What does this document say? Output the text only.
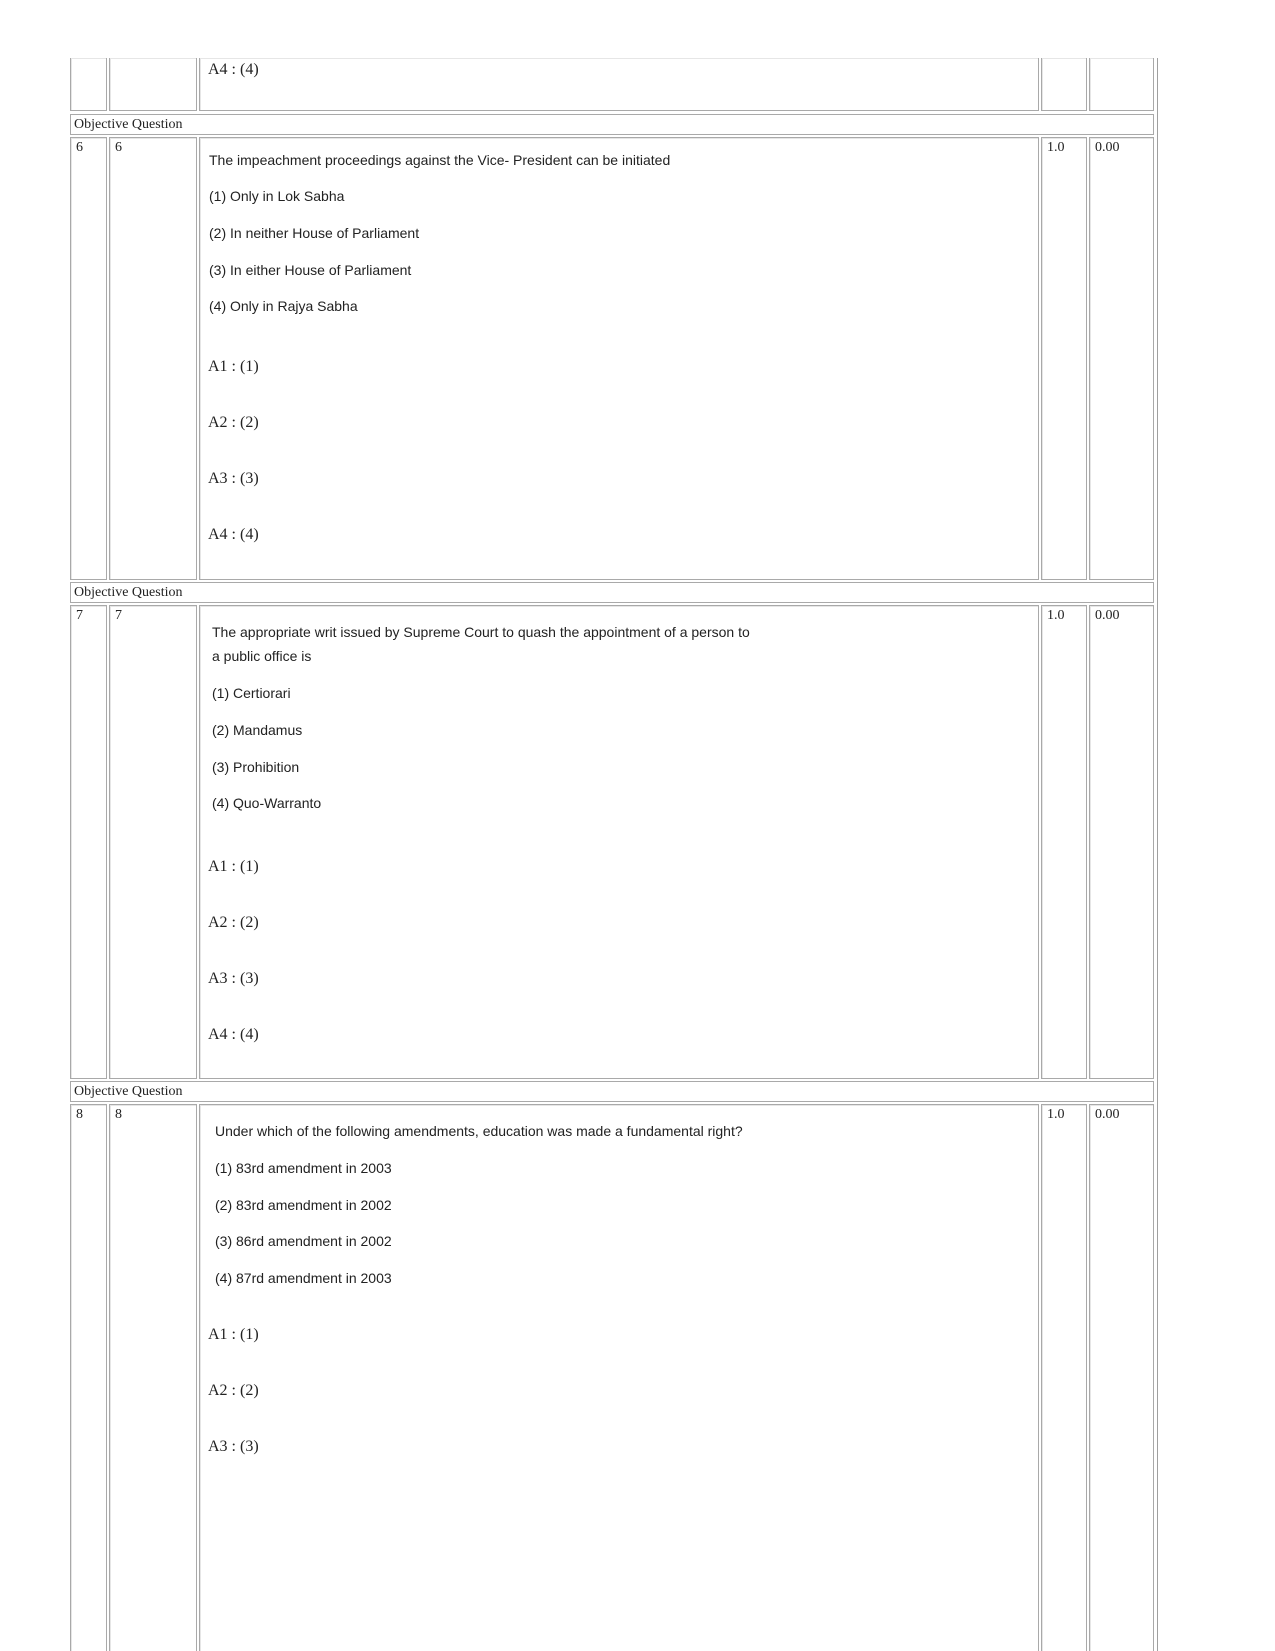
A4 : (4)
Objective Question
6	6
The impeachment proceedings against the Vice- President can be initiated
(1) Only in Lok Sabha
(2) In neither House of Parliament
(3) In either House of Parliament
(4) Only in Rajya Sabha
A1 : (1)
A2 : (2)
A3 : (3)
A4 : (4)
1.0	0.00
Objective Question
7	7
The appropriate writ issued by Supreme Court to quash the appointment of a person to
a public office is
(1) Certiorari
(2) Mandamus
(3) Prohibition
(4) Quo-Warranto
A1 : (1)
A2 : (2)
A3 : (3)
A4 : (4)
1.0	0.00
Objective Question
8	8
Under which of the following amendments, education was made a fundamental right?
(1) 83rd amendment in 2003
(2) 83rd amendment in 2002
(3) 86rd amendment in 2002
(4) 87rd amendment in 2003
A1 : (1)
A2 : (2)
A3 : (3)
1.0	0.00
